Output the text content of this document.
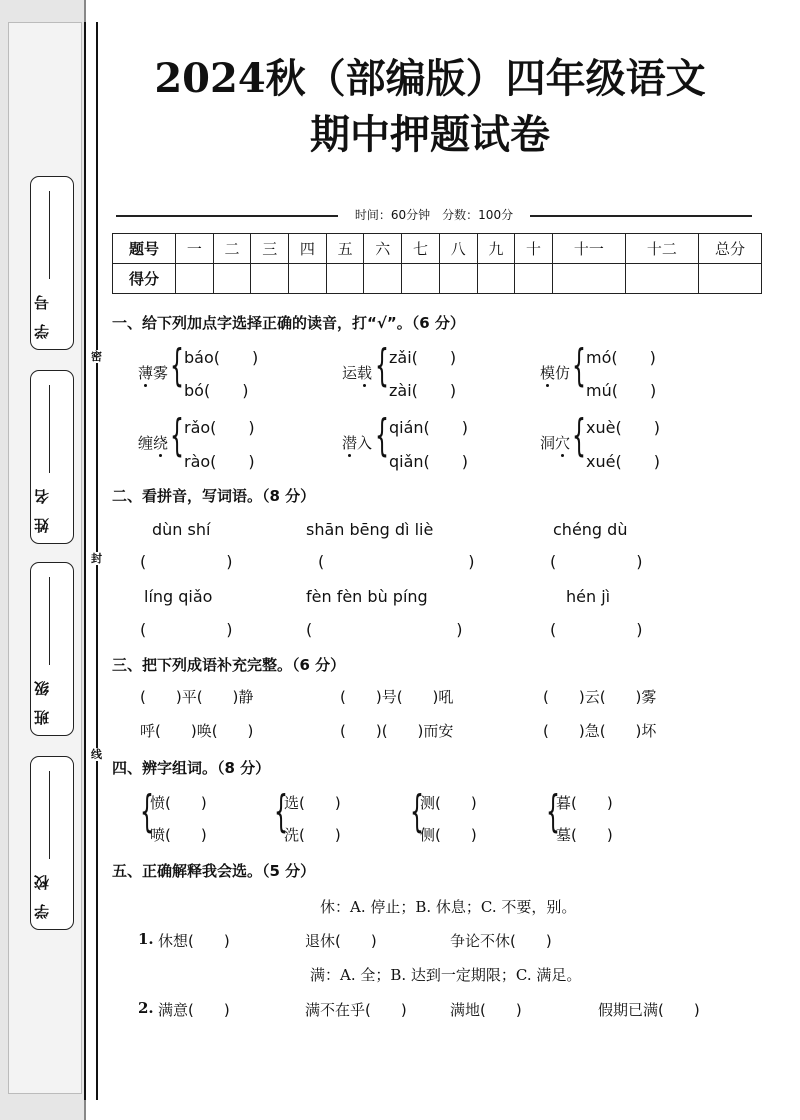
学号
姓名
班级
学校
密
封
线
2024秋（部编版）四年级语文
期中押题试卷
时间：60分钟　分数：100分
题号	一	二	三	四	五	六	七	八	九	十	十一	十二	总分
得分													
一、给下列加点字选择正确的读音，打“√”。（6 分）
薄雾 { báo(　　)
bó(　　)
运载 { zǎi(　　)
zài(　　)
模仿 { mó(　　)
mú(　　)
缠绕 { rǎo(　　)
rào(　　)
潜入 { qián(　　)
qiǎn(　　)
洞穴 { xuè(　　)
xué(　　)
二、看拼音，写词语。（8 分）
dùn shí
(　　　　　)
shān bēng dì liè
(　　　　　　　　　)
chéng dù
(　　　　　)
líng qiǎo
(　　　　　)
fèn fèn bù píng
(　　　　　　　　　)
hén jì
(　　　　　)
三、把下列成语补充完整。（6 分）
(　　)平(　　)静	(　　)号(　　)吼	(　　)云(　　)雾
呼(　　)唤(　　)	(　　)(　　)而安	(　　)急(　　)坏
四、辨字组词。（8 分）
{
愤(　　)
喷(　　) {
选(　　)
洗(　　) {
测(　　)
侧(　　) {
暮(　　)
墓(　　)
五、正确解释我会选。（5 分）
休：A. 停止；B. 休息；C. 不要，别。
1. 休想(　　)	退休(　　)	争论不休(　　)
满：A. 全；B. 达到一定期限；C. 满足。
2. 满意(　　)	满不在乎(　　)	满地(　　)	假期已满(　　)
